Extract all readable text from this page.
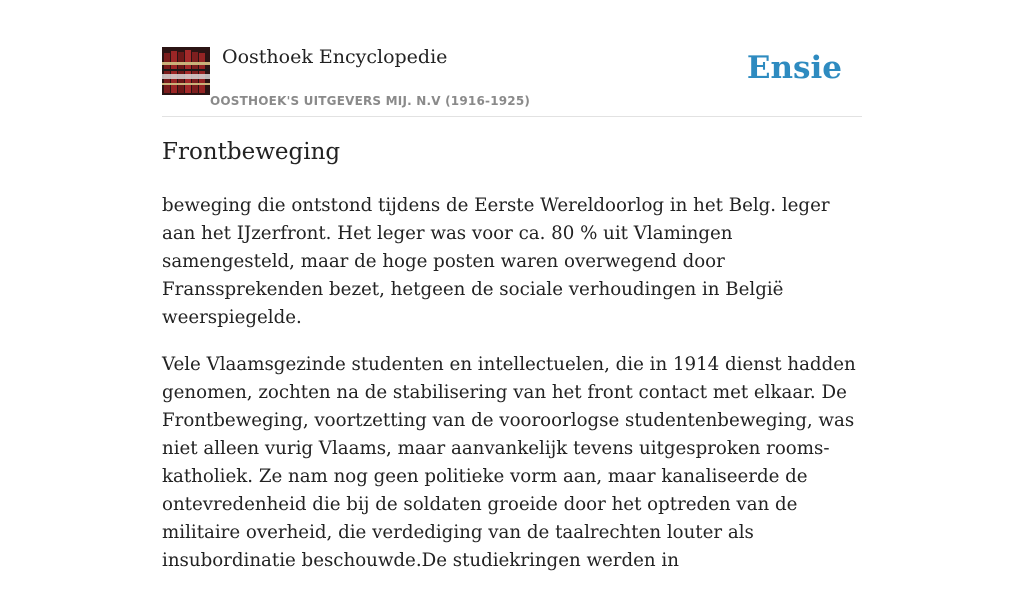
Oosthoek Encyclopedie
OOSTHOEK'S UITGEVERS MIJ. N.V (1916-1925)
Ensie
Frontbeweging

beweging die ontstond tijdens de Eerste Wereldoorlog in het Belg. leger aan het IJzerfront. Het leger was voor ca. 80 % uit Vlamingen samengesteld, maar de hoge posten waren overwegend door Franssprekenden bezet, hetgeen de sociale verhoudingen in België weerspiegelde.

Vele Vlaamsgezinde studenten en intellectuelen, die in 1914 dienst hadden genomen, zochten na de stabilisering van het front contact met elkaar. De Frontbeweging, voortzetting van de vooroorlogse studentenbeweging, was niet alleen vurig Vlaams, maar aanvankelijk tevens uitgesproken rooms-katholiek. Ze nam nog geen politieke vorm aan, maar kanaliseerde de ontevredenheid die bij de soldaten groeide door het optreden van de militaire overheid, die verdediging van de taalrechten louter als insubordinatie beschouwde.De studiekringen werden in
